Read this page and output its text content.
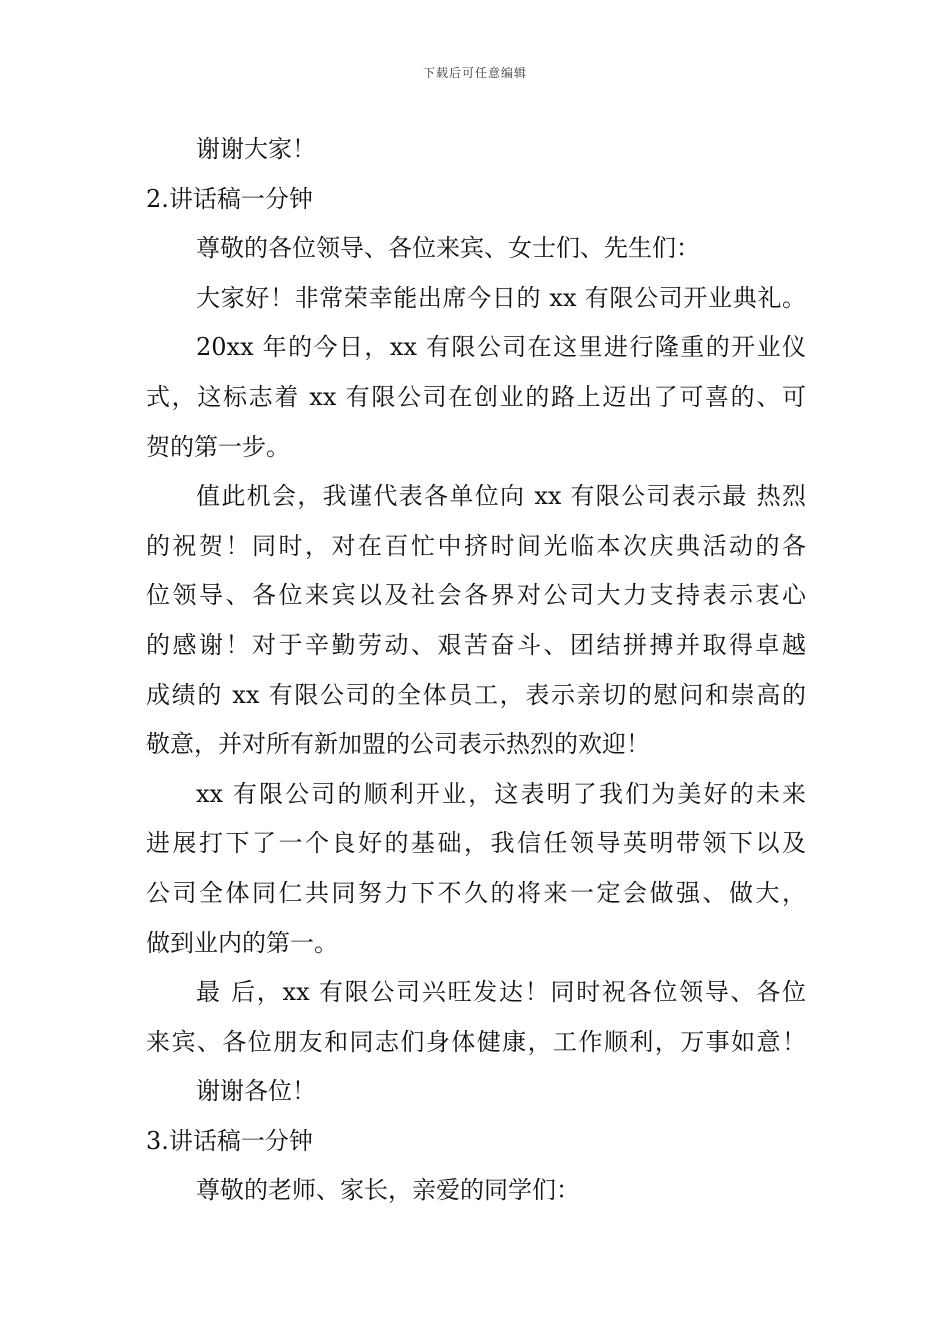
下载后可任意编辑
谢谢大家！
2.讲话稿一分钟
尊敬的各位领导、各位来宾、女士们、先生们：
大家好！非常荣幸能出席今日的 xx 有限公司开业典礼。
20xx 年的今日，xx 有限公司在这里进行隆重的开业仪
式，这标志着 xx 有限公司在创业的路上迈出了可喜的、可
贺的第一步。
值此机会，我谨代表各单位向 xx 有限公司表示最 热烈
的祝贺！同时，对在百忙中挤时间光临本次庆典活动的各
位领导、各位来宾以及社会各界对公司大力支持表示衷心
的感谢！对于辛勤劳动、艰苦奋斗、团结拼搏并取得卓越
成绩的 xx 有限公司的全体员工，表示亲切的慰问和崇高的
敬意，并对所有新加盟的公司表示热烈的欢迎！
xx 有限公司的顺利开业，这表明了我们为美好的未来
进展打下了一个良好的基础，我信任领导英明带领下以及
公司全体同仁共同努力下不久的将来一定会做强、做大，
做到业内的第一。
最 后，xx 有限公司兴旺发达！同时祝各位领导、各位
来宾、各位朋友和同志们身体健康，工作顺利，万事如意！
谢谢各位！
3.讲话稿一分钟
尊敬的老师、家长，亲爱的同学们：
